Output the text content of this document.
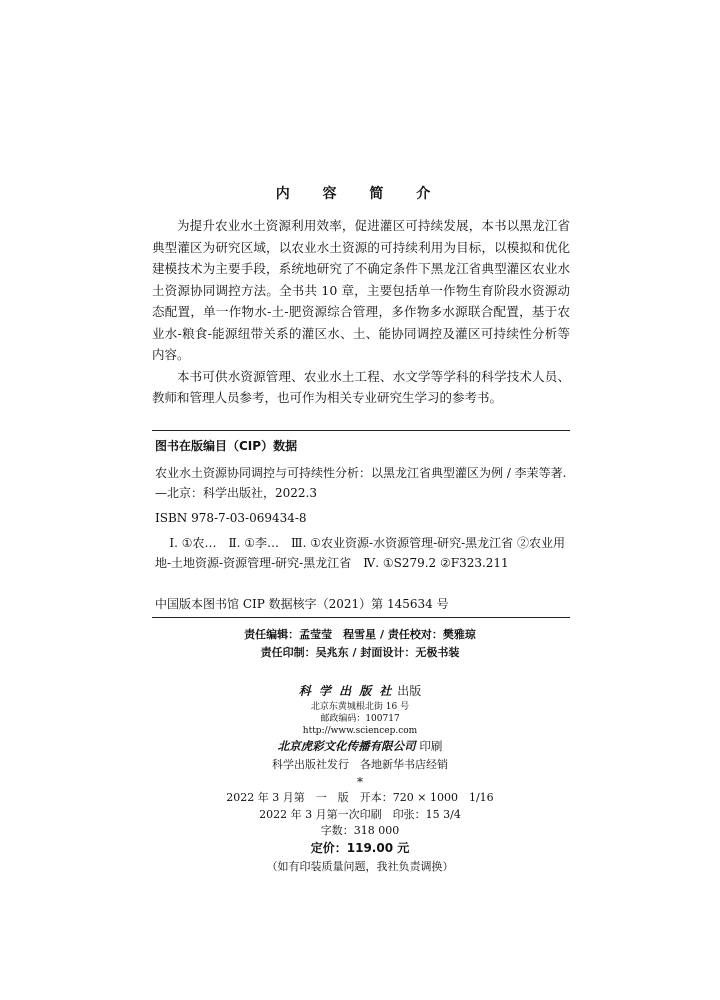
内 容 简 介

为提升农业水土资源利用效率，促进灌区可持续发展，本书以黑龙江省典型灌区为研究区域，以农业水土资源的可持续利用为目标，以模拟和优化建模技术为主要手段，系统地研究了不确定条件下黑龙江省典型灌区农业水土资源协同调控方法。全书共 10 章，主要包括单一作物生育阶段水资源动态配置，单一作物水-土-肥资源综合管理，多作物多水源联合配置，基于农业水-粮食-能源纽带关系的灌区水、土、能协同调控及灌区可持续性分析等内容。

本书可供水资源管理、农业水土工程、水文学等学科的科学技术人员、教师和管理人员参考，也可作为相关专业研究生学习的参考书。

图书在版编目（CIP）数据
农业水土资源协同调控与可持续性分析：以黑龙江省典型灌区为例 / 李茉等著. —北京：科学出版社，2022.3
ISBN 978-7-03-069434-8
Ⅰ. ①农…　Ⅱ. ①李…　Ⅲ. ①农业资源-水资源管理-研究-黑龙江省 ②农业用地-土地资源-资源管理-研究-黑龙江省　Ⅳ. ①S279.2 ②F323.211
中国版本图书馆 CIP 数据核字（2021）第 145634 号
责任编辑：孟莹莹　程雪星 / 责任校对：樊雅琼
责任印制：吴兆东 / 封面设计：无极书装
科 学 出 版 社 出版
北京东黄城根北街 16 号
邮政编码：100717
http://www.sciencep.com
北京虎彩文化传播有限公司 印刷
科学出版社发行　各地新华书店经销
*
2022 年 3 月第　一　版　开本：720 × 1000　1/16
2022 年 3 月第一次印刷　印张：15 3/4
字数：318 000
定价：119.00 元
（如有印装质量问题，我社负责调换）
